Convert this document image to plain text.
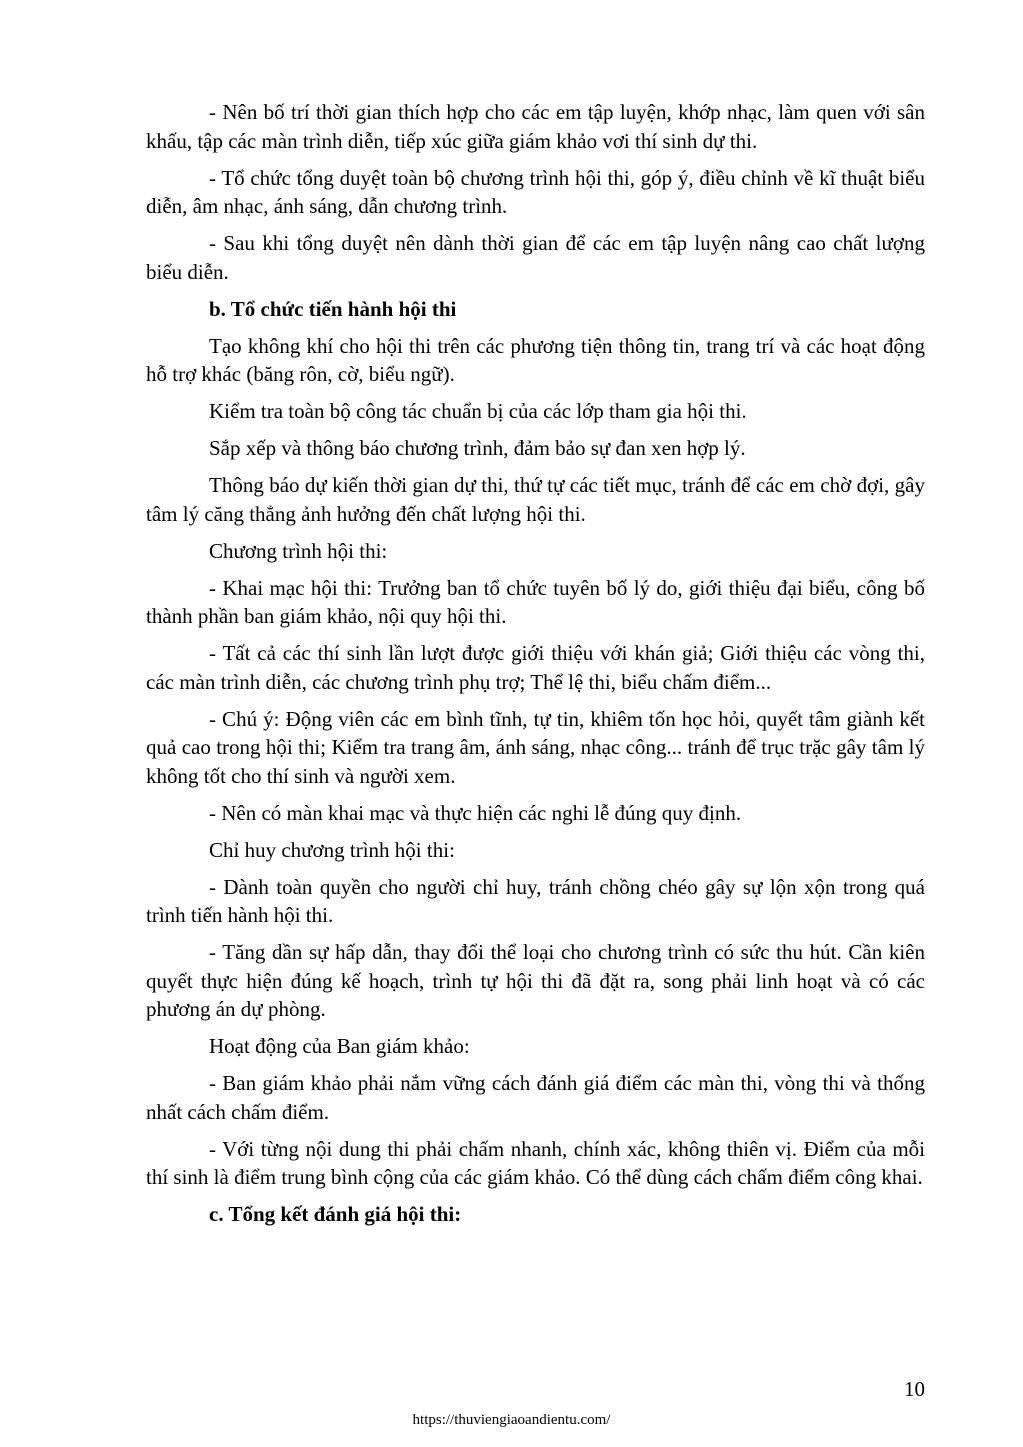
- Nên bố trí thời gian thích hợp cho các em tập luyện, khớp nhạc, làm quen với sân khấu, tập các màn trình diễn, tiếp xúc giữa giám khảo vơi thí sinh dự thi.

- Tổ chức tổng duyệt toàn bộ chương trình hội thi, góp ý, điều chỉnh về kĩ thuật biểu diễn, âm nhạc, ánh sáng, dẫn chương trình.

- Sau khi tổng duyệt nên dành thời gian để các em tập luyện nâng cao chất lượng biểu diễn.

b. Tổ chức tiến hành hội thi

Tạo không khí cho hội thi trên các phương tiện thông tin, trang trí và các hoạt động hỗ trợ khác (băng rôn, cờ, biểu ngữ).

Kiểm tra toàn bộ công tác chuẩn bị của các lớp tham gia hội thi.

Sắp xếp và thông báo chương trình, đảm bảo sự đan xen hợp lý.

Thông báo dự kiến thời gian dự thi, thứ tự các tiết mục, tránh để các em chờ đợi, gây tâm lý căng thẳng ảnh hưởng đến chất lượng hội thi.

Chương trình hội thi:

- Khai mạc hội thi: Trưởng ban tổ chức tuyên bố lý do, giới thiệu đại biểu, công bố thành phần ban giám khảo, nội quy hội thi.

- Tất cả các thí sinh lần lượt được giới thiệu với khán giả; Giới thiệu các vòng thi, các màn trình diễn, các chương trình phụ trợ; Thể lệ thi, biểu chấm điểm...

- Chú ý: Động viên các em bình tĩnh, tự tin, khiêm tốn học hỏi, quyết tâm giành kết quả cao trong hội thi; Kiểm tra trang âm, ánh sáng, nhạc công... tránh để trục trặc gây tâm lý không tốt cho thí sinh và người xem.

- Nên có màn khai mạc và thực hiện các nghi lễ đúng quy định.

Chỉ huy chương trình hội thi:

- Dành toàn quyền cho người chỉ huy, tránh chồng chéo gây sự lộn xộn trong quá trình tiến hành hội thi.

- Tăng dần sự hấp dẫn, thay đổi thể loại cho chương trình có sức thu hút. Cần kiên quyết thực hiện đúng kế hoạch, trình tự hội thi đã đặt ra, song phải linh hoạt và có các phương án dự phòng.

Hoạt động của Ban giám khảo:

- Ban giám khảo phải nắm vững cách đánh giá điểm các màn thi, vòng thi và thống nhất cách chấm điểm.

- Với từng nội dung thi phải chấm nhanh, chính xác, không thiên vị. Điểm của mỗi thí sinh là điểm trung bình cộng của các giám khảo. Có thể dùng cách chấm điểm công khai.

c. Tổng kết đánh giá hội thi:

10
https://thuviengiaoandientu.com/
